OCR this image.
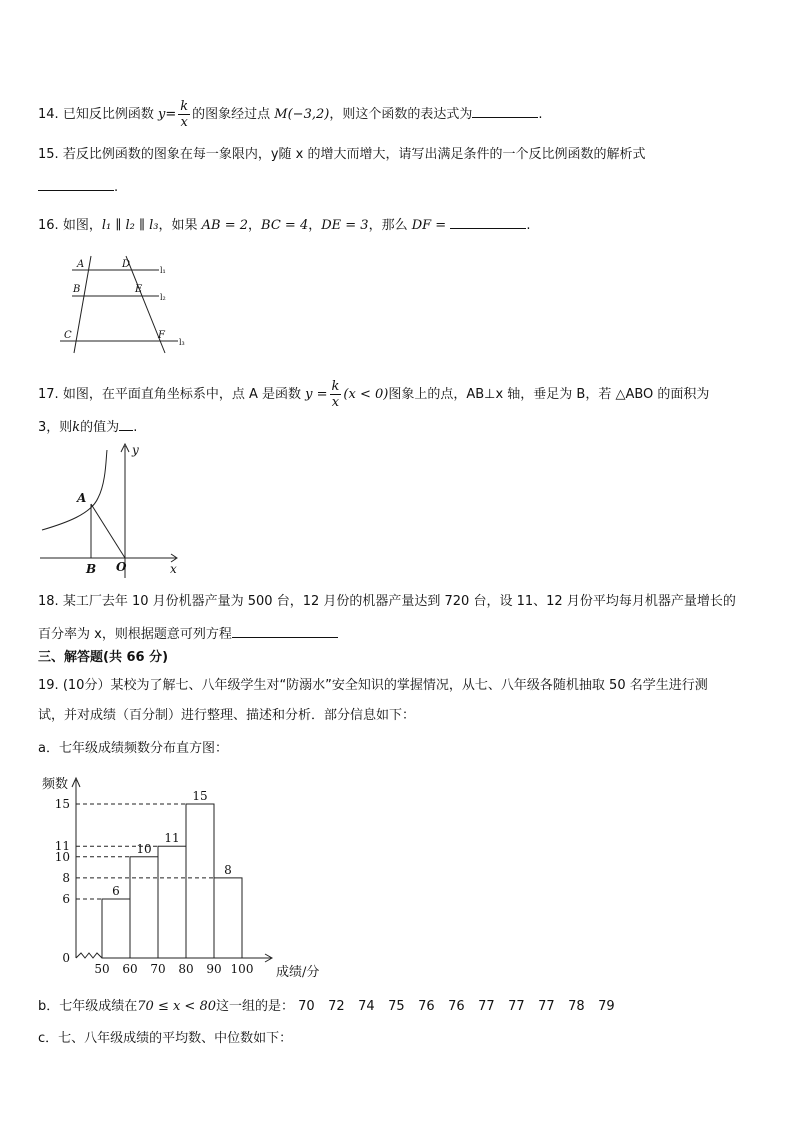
14. 已知反比例函数 $y= \frac{k}{x}$ 的图象经过点 M(−3,2)，则这个函数的表达式为	.
15. 若反比例函数的图象在每一象限内，y随 x 的增大而增大，请写出满足条件的一个反比例函数的解析式
.
16. 如图，l₁ ∥ l₂ ∥ l₃，如果 AB = 2，BC = 4，DE = 3，那么 DF =	.
A
B
C
D
E
F
l₁
l₂
l₃
17. 如图，在平面直角坐标系中，点 A 是函数 $y = \frac{k}{x} (x < 0)$图象上的点，AB⊥x 轴，垂足为 B，若 △ABO 的面积为
3，则k的值为 .
y
x
A
B O
18. 某工厂去年 10 月份机器产量为 500 台，12 月份的机器产量达到 720 台，设 11、12 月份平均每月机器产量增长的
百分率为 x，则根据题意可列方程
三、解答题(共 66 分)
19. (10分）某校为了解七、八年级学生对“防溺水”安全知识的掌握情况，从七、八年级各随机抽取 50 名学生进行测
试，并对成绩（百分制）进行整理、描述和分析．部分信息如下：
a．七年级成绩频数分布直方图：
频数
成绩/分
6
10
11
15
8
0
6
8
10
11
15
50 60 70 80 90 100
b．七年级成绩在70 ≤ x < 80这一组的是： 70 72 74 75 76 76 77 77 77 78 79
c．七、八年级成绩的平均数、中位数如下：
